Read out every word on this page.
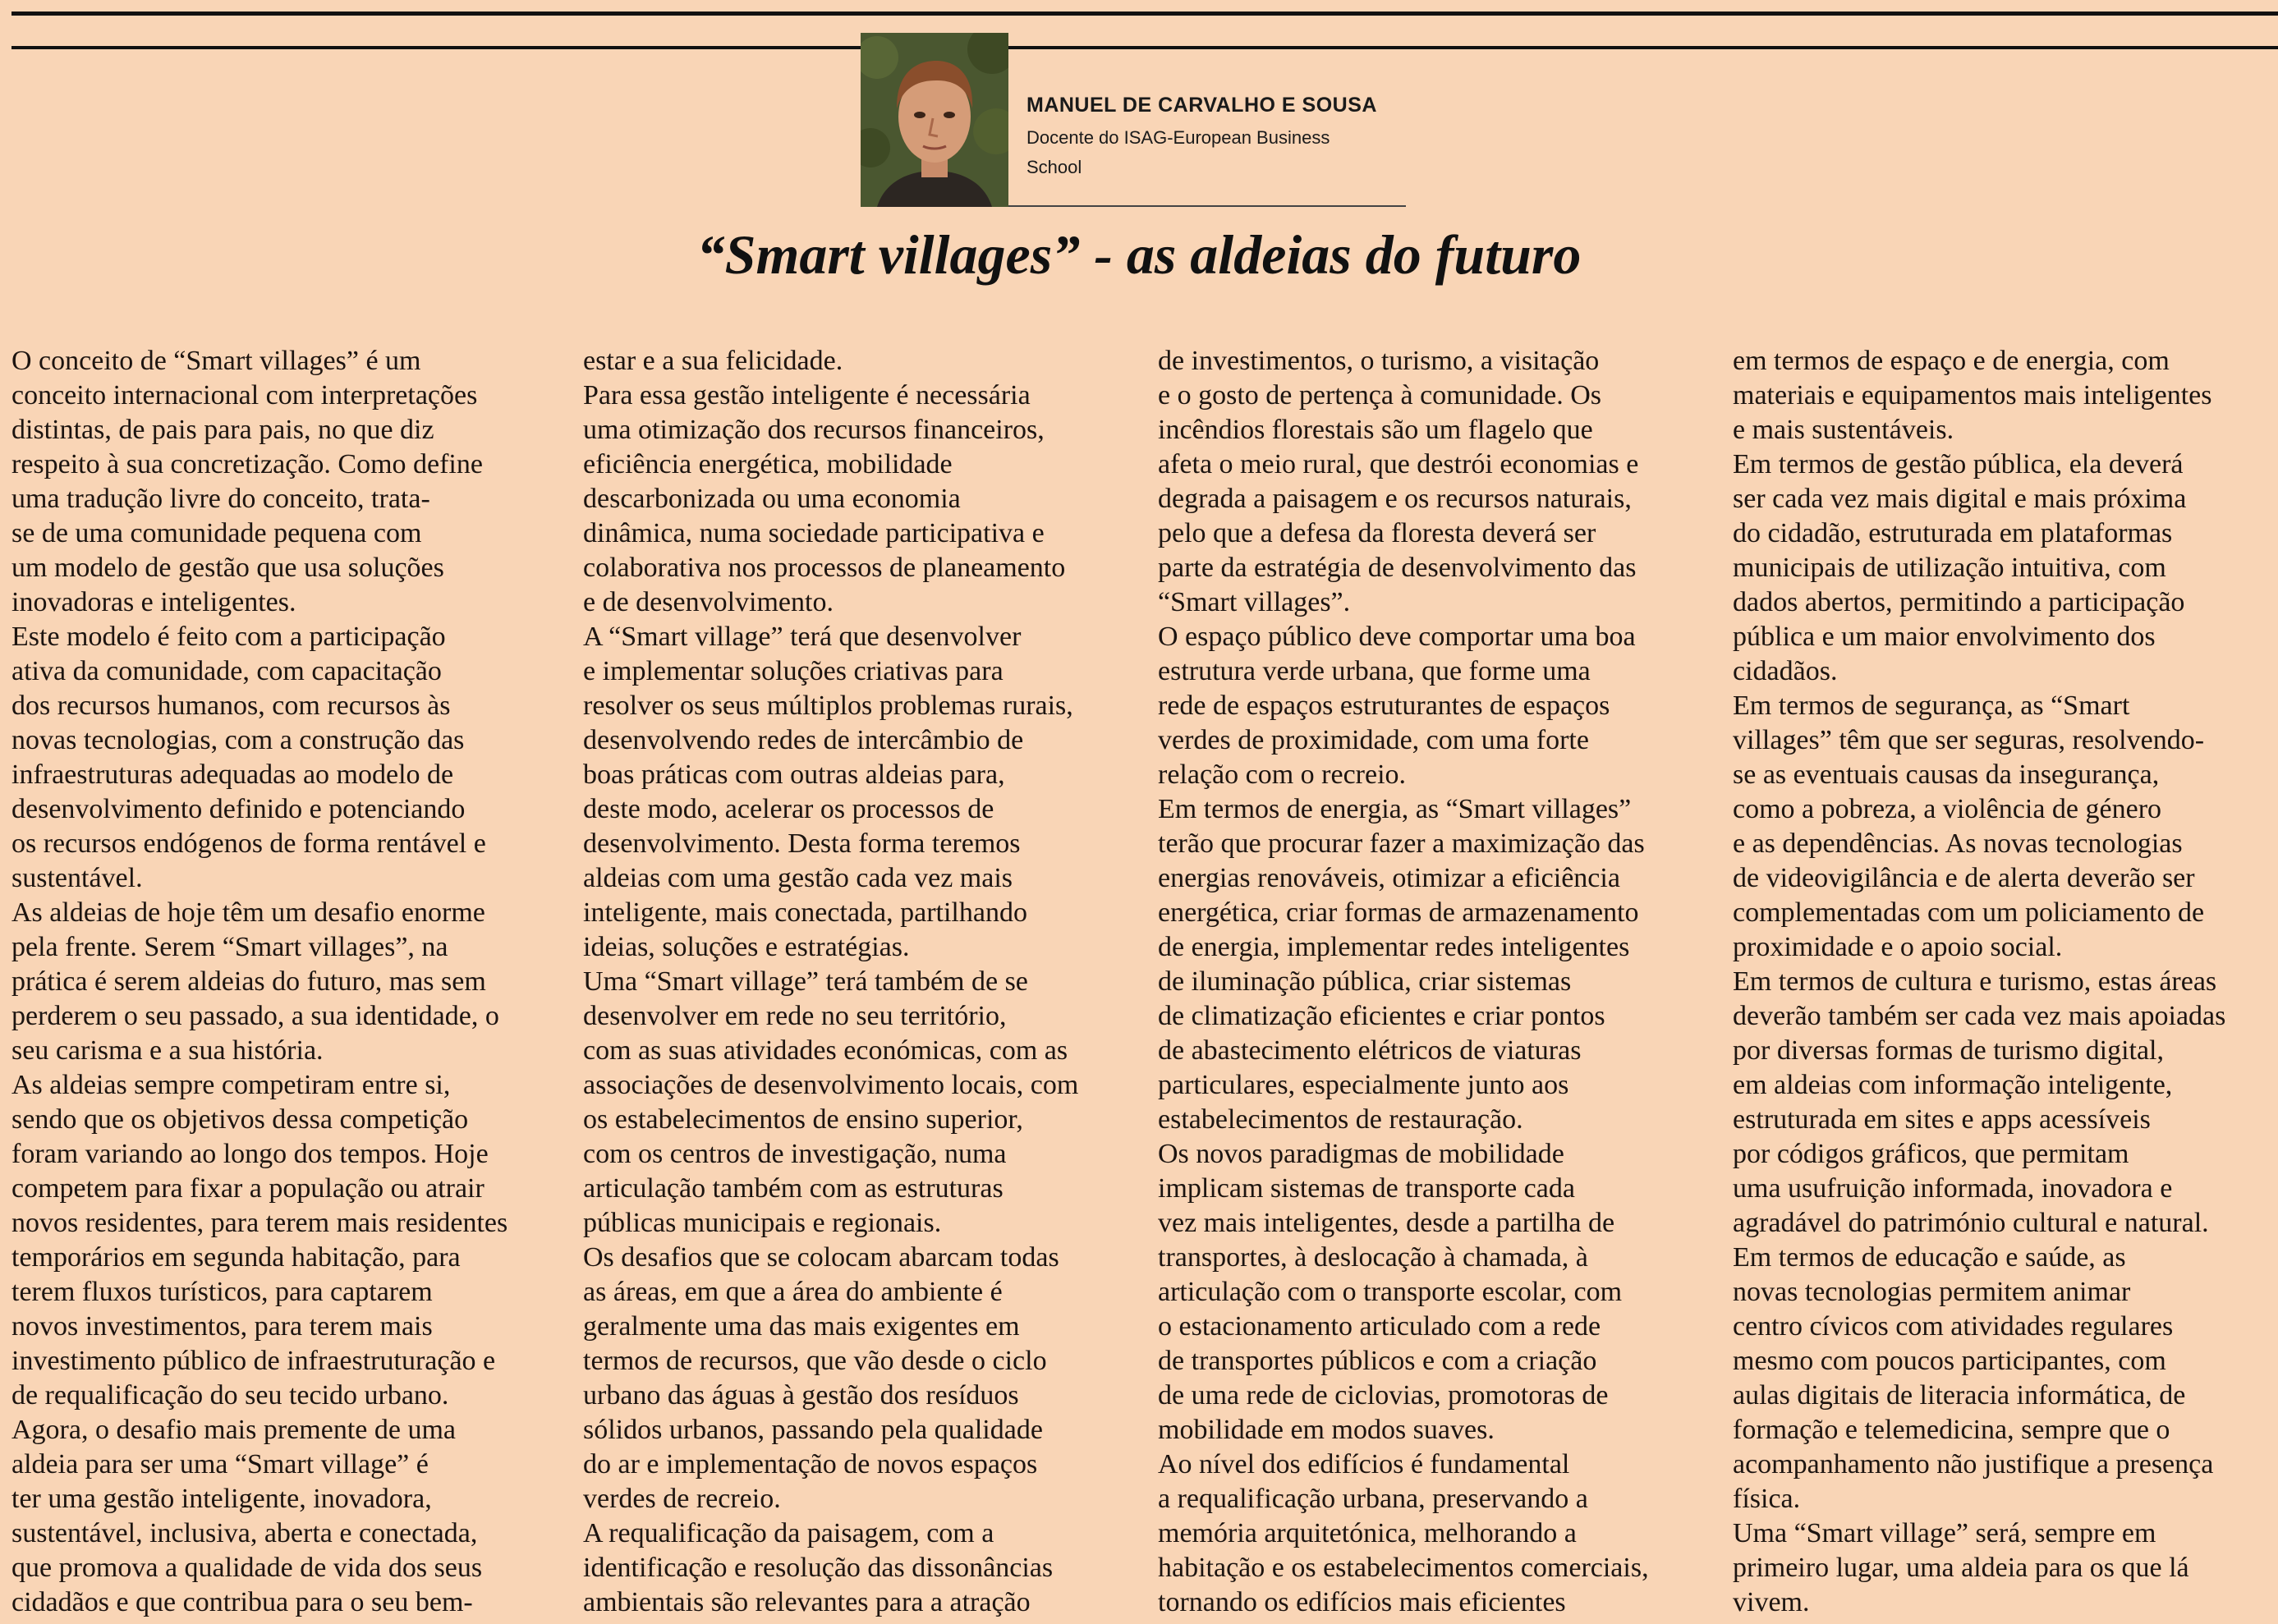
MANUEL DE CARVALHO E SOUSA
Docente do ISAG-European Business
School
“Smart villages” - as aldeias do futuro
O conceito de “Smart villages” é um
conceito internacional com interpretações
distintas, de pais para pais, no que diz
respeito à sua concretização. Como define
uma tradução livre do conceito, trata-
se de uma comunidade pequena com
um modelo de gestão que usa soluções
inovadoras e inteligentes.
Este modelo é feito com a participação
ativa da comunidade, com capacitação
dos recursos humanos, com recursos às
novas tecnologias, com a construção das
infraestruturas adequadas ao modelo de
desenvolvimento definido e potenciando
os recursos endógenos de forma rentável e
sustentável.
As aldeias de hoje têm um desafio enorme
pela frente. Serem “Smart villages”, na
prática é serem aldeias do futuro, mas sem
perderem o seu passado, a sua identidade, o
seu carisma e a sua história.
As aldeias sempre competiram entre si,
sendo que os objetivos dessa competição
foram variando ao longo dos tempos. Hoje
competem para fixar a população ou atrair
novos residentes, para terem mais residentes
temporários em segunda habitação, para
terem fluxos turísticos, para captarem
novos investimentos, para terem mais
investimento público de infraestruturação e
de requalificação do seu tecido urbano.
Agora, o desafio mais premente de uma
aldeia para ser uma “Smart village” é
ter uma gestão inteligente, inovadora,
sustentável, inclusiva, aberta e conectada,
que promova a qualidade de vida dos seus
cidadãos e que contribua para o seu bem-
estar e a sua felicidade.
Para essa gestão inteligente é necessária
uma otimização dos recursos financeiros,
eficiência energética, mobilidade
descarbonizada ou uma economia
dinâmica, numa sociedade participativa e
colaborativa nos processos de planeamento
e de desenvolvimento.
A “Smart village” terá que desenvolver
e implementar soluções criativas para
resolver os seus múltiplos problemas rurais,
desenvolvendo redes de intercâmbio de
boas práticas com outras aldeias para,
deste modo, acelerar os processos de
desenvolvimento. Desta forma teremos
aldeias com uma gestão cada vez mais
inteligente, mais conectada, partilhando
ideias, soluções e estratégias.
Uma “Smart village” terá também de se
desenvolver em rede no seu território,
com as suas atividades económicas, com as
associações de desenvolvimento locais, com
os estabelecimentos de ensino superior,
com os centros de investigação, numa
articulação também com as estruturas
públicas municipais e regionais.
Os desafios que se colocam abarcam todas
as áreas, em que a área do ambiente é
geralmente uma das mais exigentes em
termos de recursos, que vão desde o ciclo
urbano das águas à gestão dos resíduos
sólidos urbanos, passando pela qualidade
do ar e implementação de novos espaços
verdes de recreio.
A requalificação da paisagem, com a
identificação e resolução das dissonâncias
ambientais são relevantes para a atração
de investimentos, o turismo, a visitação
e o gosto de pertença à comunidade. Os
incêndios florestais são um flagelo que
afeta o meio rural, que destrói economias e
degrada a paisagem e os recursos naturais,
pelo que a defesa da floresta deverá ser
parte da estratégia de desenvolvimento das
“Smart villages”.
O espaço público deve comportar uma boa
estrutura verde urbana, que forme uma
rede de espaços estruturantes de espaços
verdes de proximidade, com uma forte
relação com o recreio.
Em termos de energia, as “Smart villages”
terão que procurar fazer a maximização das
energias renováveis, otimizar a eficiência
energética, criar formas de armazenamento
de energia, implementar redes inteligentes
de iluminação pública, criar sistemas
de climatização eficientes e criar pontos
de abastecimento elétricos de viaturas
particulares, especialmente junto aos
estabelecimentos de restauração.
Os novos paradigmas de mobilidade
implicam sistemas de transporte cada
vez mais inteligentes, desde a partilha de
transportes, à deslocação à chamada, à
articulação com o transporte escolar, com
o estacionamento articulado com a rede
de transportes públicos e com a criação
de uma rede de ciclovias, promotoras de
mobilidade em modos suaves.
Ao nível dos edifícios é fundamental
a requalificação urbana, preservando a
memória arquitetónica, melhorando a
habitação e os estabelecimentos comerciais,
tornando os edifícios mais eficientes
em termos de espaço e de energia, com
materiais e equipamentos mais inteligentes
e mais sustentáveis.
Em termos de gestão pública, ela deverá
ser cada vez mais digital e mais próxima
do cidadão, estruturada em plataformas
municipais de utilização intuitiva, com
dados abertos, permitindo a participação
pública e um maior envolvimento dos
cidadãos.
Em termos de segurança, as “Smart
villages” têm que ser seguras, resolvendo-
se as eventuais causas da insegurança,
como a pobreza, a violência de género
e as dependências. As novas tecnologias
de videovigilância e de alerta deverão ser
complementadas com um policiamento de
proximidade e o apoio social.
Em termos de cultura e turismo, estas áreas
deverão também ser cada vez mais apoiadas
por diversas formas de turismo digital,
em aldeias com informação inteligente,
estruturada em sites e apps acessíveis
por códigos gráficos, que permitam
uma usufruição informada, inovadora e
agradável do património cultural e natural.
Em termos de educação e saúde, as
novas tecnologias permitem animar
centro cívicos com atividades regulares
mesmo com poucos participantes, com
aulas digitais de literacia informática, de
formação e telemedicina, sempre que o
acompanhamento não justifique a presença
física.
Uma “Smart village” será, sempre em
primeiro lugar, uma aldeia para os que lá
vivem.
